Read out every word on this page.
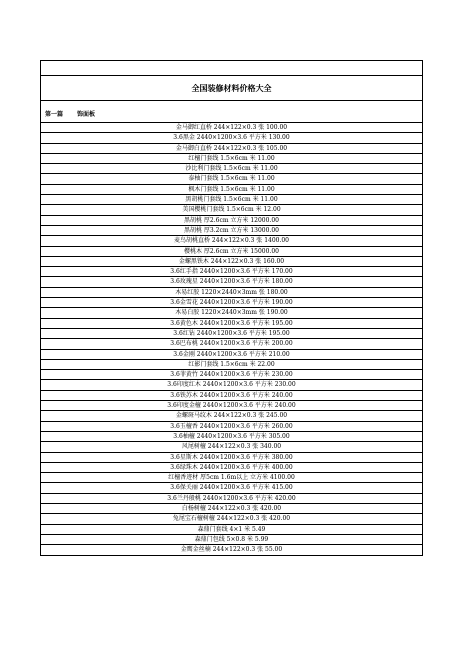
全国装修材料价格大全
第一篇 饰面板
金马御红直桥 244×122×0.3 张 100.00
3.6黑金 2440×1200×3.6 平方米 130.00
金马御白直桥 244×122×0.3 张 105.00
红檀门套线 1.5×6cm 米 11.00
沙比利门套线 1.5×6cm 米 11.00
泰柚门套线 1.5×6cm 米 11.00
枫木门套线 1.5×6cm 米 11.00
黑胡桃门套线 1.5×6cm 米 11.00
美国樱桃门套线 1.5×6cm 米 12.00
黑胡桃 厚2.6cm 立方米 12000.00
黑胡桃 厚3.2cm 立方米 13000.00
麦鸟胡桃直桥 244×122×0.3 张 1400.00
樱桃木 厚2.6cm 立方米 15000.00
金螺黑铁木 244×122×0.3 张 160.00
3.6红手指 2440×1200×3.6 平方米 170.00
3.6玫瑰星 2440×1200×3.6 平方米 180.00
木易红胶 1220×2440×3mm 张 180.00
3.6金雪花 2440×1200×3.6 平方米 190.00
木易白胶 1220×2440×3mm 张 190.00
3.6黄色木 2440×1200×3.6 平方米 195.00
3.6红钻 2440×1200×3.6 平方米 195.00
3.6巴布桃 2440×1200×3.6 平方米 200.00
3.6金刚 2440×1200×3.6 平方米 210.00
红影门套线 1.5×6cm 米 22.00
3.6菲黄竹 2440×1200×3.6 平方米 230.00
3.6印度红木 2440×1200×3.6 平方米 230.00
3.6铁苏木 2440×1200×3.6 平方米 240.00
3.6印度金檀 2440×1200×3.6 平方米 240.00
金螺斑马纹木 244×122×0.3 张 245.00
3.6玉檀香 2440×1200×3.6 平方米 260.00
3.6柚檀 2440×1200×3.6 平方米 305.00
风尾树檀 244×122×0.3 张 340.00
3.6星斯木 2440×1200×3.6 平方米 380.00
3.6绿珠木 2440×1200×3.6 平方米 400.00
红檀香迹材 厚5cm 1.6m以上 立方米 4100.00
3.6保关丽 2440×1200×3.6 平方米 415.00
3.6兰丹般桃 2440×1200×3.6 平方米 420.00
白杨树檀 244×122×0.3 张 420.00
兔尾宝石檀树檀 244×122×0.3 张 420.00
森鼎门套线 4×1 米 5.49
森鼎门包线 5×0.8 米 5.99
金鹰金丝楠 244×122×0.3 张 55.00
